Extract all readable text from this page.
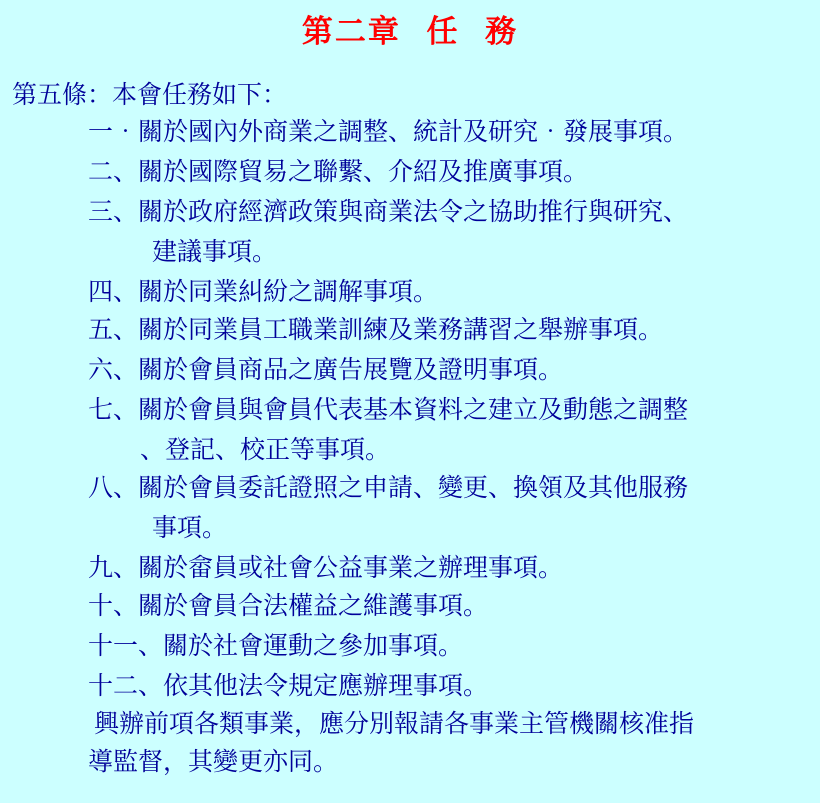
第二章  任  務
第五條：本會任務如下：
一‧關於國內外商業之調整、統計及研究‧發展事項。
二、關於國際貿易之聯繫、介紹及推廣事項。
三、關於政府經濟政策與商業法令之協助推行與研究、
建議事項。
四、關於同業糾紛之調解事項。
五、關於同業員工職業訓練及業務講習之舉辦事項。
六、關於會員商品之廣告展覽及證明事項。
七、關於會員與會員代表基本資料之建立及動態之調整
、登記、校正等事項。
八、關於會員委託證照之申請、變更、換領及其他服務
事項。
九、關於畲員或社會公益事業之辦理事項。
十、關於會員合法權益之維護事項。
十一、關於社會運動之參加事項。
十二、依其他法令規定應辦理事項。
興辦前項各類事業，應分別報請各事業主管機關核准指
導監督，其變更亦同。
